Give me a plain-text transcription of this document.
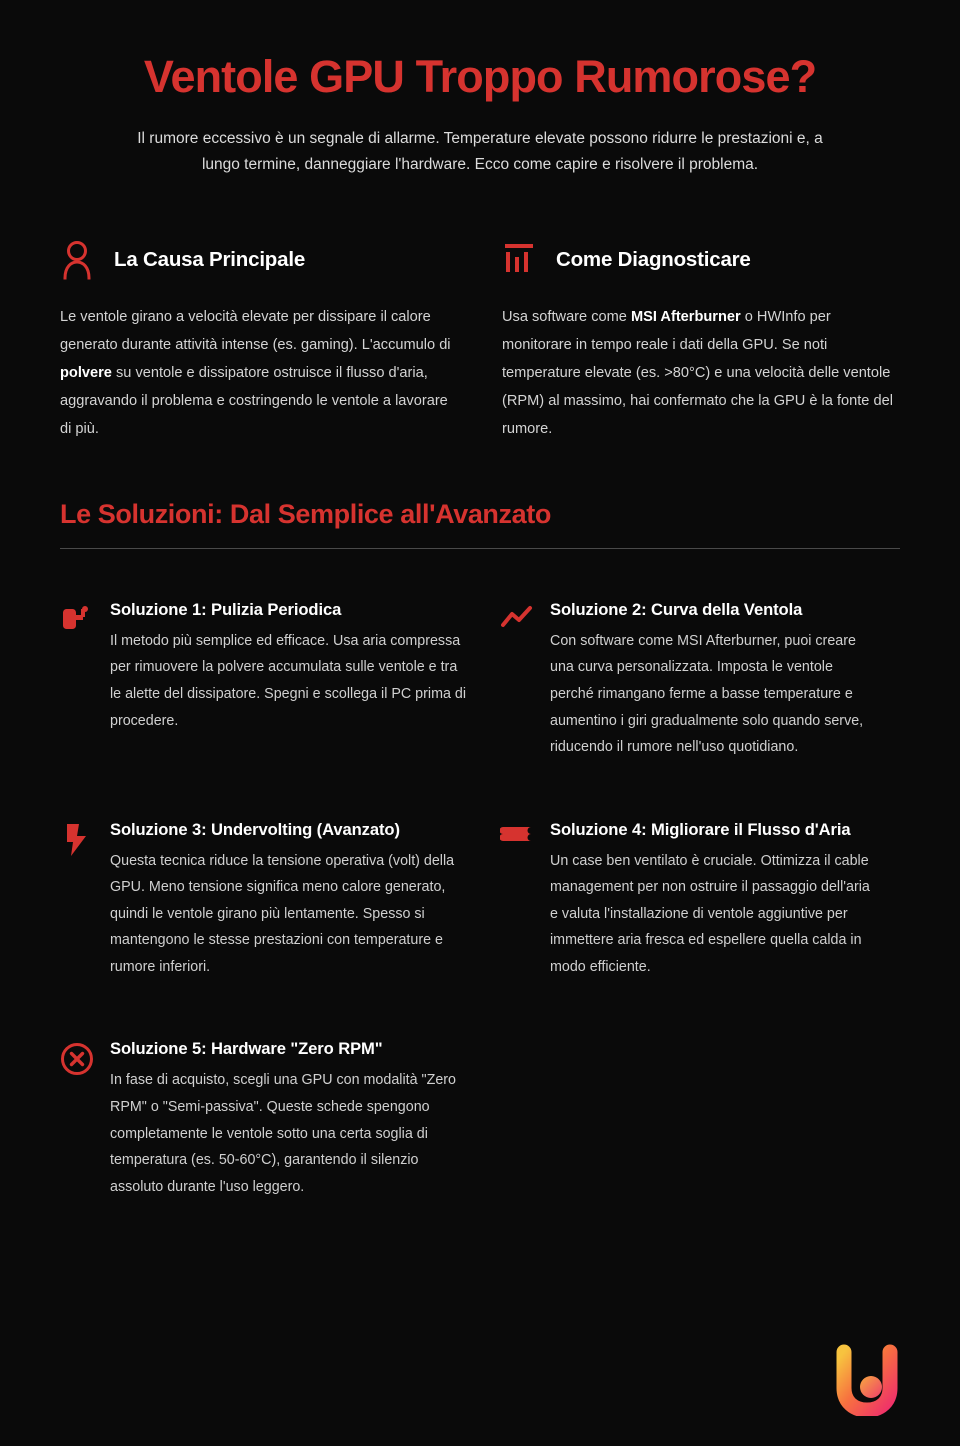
Ventole GPU Troppo Rumorose?

Il rumore eccessivo è un segnale di allarme. Temperature elevate possono ridurre le prestazioni e, a lungo termine, danneggiare l'hardware. Ecco come capire e risolvere il problema.

La Causa Principale
Le ventole girano a velocità elevate per dissipare il calore generato durante attività intense (es. gaming). L'accumulo di polvere su ventole e dissipatore ostruisce il flusso d'aria, aggravando il problema e costringendo le ventole a lavorare di più.
Come Diagnosticare
Usa software come MSI Afterburner o HWInfo per monitorare in tempo reale i dati della GPU. Se noti temperature elevate (es. >80°C) e una velocità delle ventole (RPM) al massimo, hai confermato che la GPU è la fonte del rumore.
Le Soluzioni: Dal Semplice all'Avanzato
Soluzione 1: Pulizia Periodica
Il metodo più semplice ed efficace. Usa aria compressa per rimuovere la polvere accumulata sulle ventole e tra le alette del dissipatore. Spegni e scollega il PC prima di procedere.
Soluzione 2: Curva della Ventola
Con software come MSI Afterburner, puoi creare una curva personalizzata. Imposta le ventole perché rimangano ferme a basse temperature e aumentino i giri gradualmente solo quando serve, riducendo il rumore nell'uso quotidiano.
Soluzione 3: Undervolting (Avanzato)
Questa tecnica riduce la tensione operativa (volt) della GPU. Meno tensione significa meno calore generato, quindi le ventole girano più lentamente. Spesso si mantengono le stesse prestazioni con temperature e rumore inferiori.
Soluzione 4: Migliorare il Flusso d'Aria
Un case ben ventilato è cruciale. Ottimizza il cable management per non ostruire il passaggio dell'aria e valuta l'installazione di ventole aggiuntive per immettere aria fresca ed espellere quella calda in modo efficiente.
Soluzione 5: Hardware "Zero RPM"
In fase di acquisto, scegli una GPU con modalità "Zero RPM" o "Semi-passiva". Queste schede spengono completamente le ventole sotto una certa soglia di temperatura (es. 50-60°C), garantendo il silenzio assoluto durante l'uso leggero.
